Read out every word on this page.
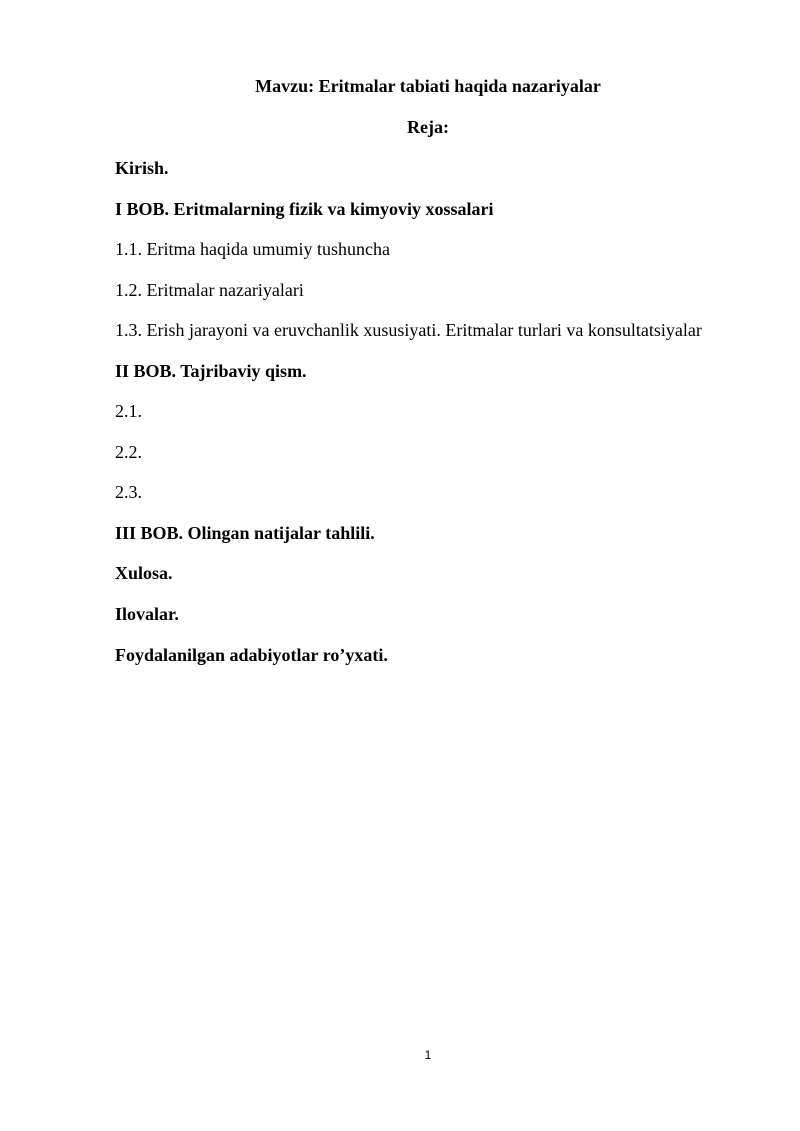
Mavzu: Eritmalar tabiati haqida nazariyalar
Reja:
Kirish.
I BOB. Eritmalarning fizik va kimyoviy xossalari
1.1. Eritma haqida umumiy tushuncha
1.2. Eritmalar nazariyalari
1.3. Erish jarayoni va eruvchanlik xususiyati. Eritmalar turlari va konsultatsiyalar
II BOB. Tajribaviy qism.
2.1.
2.2.
2.3.
III BOB. Olingan natijalar tahlili.
Xulosa.
Ilovalar.
Foydalanilgan adabiyotlar ro’yxati.
1
